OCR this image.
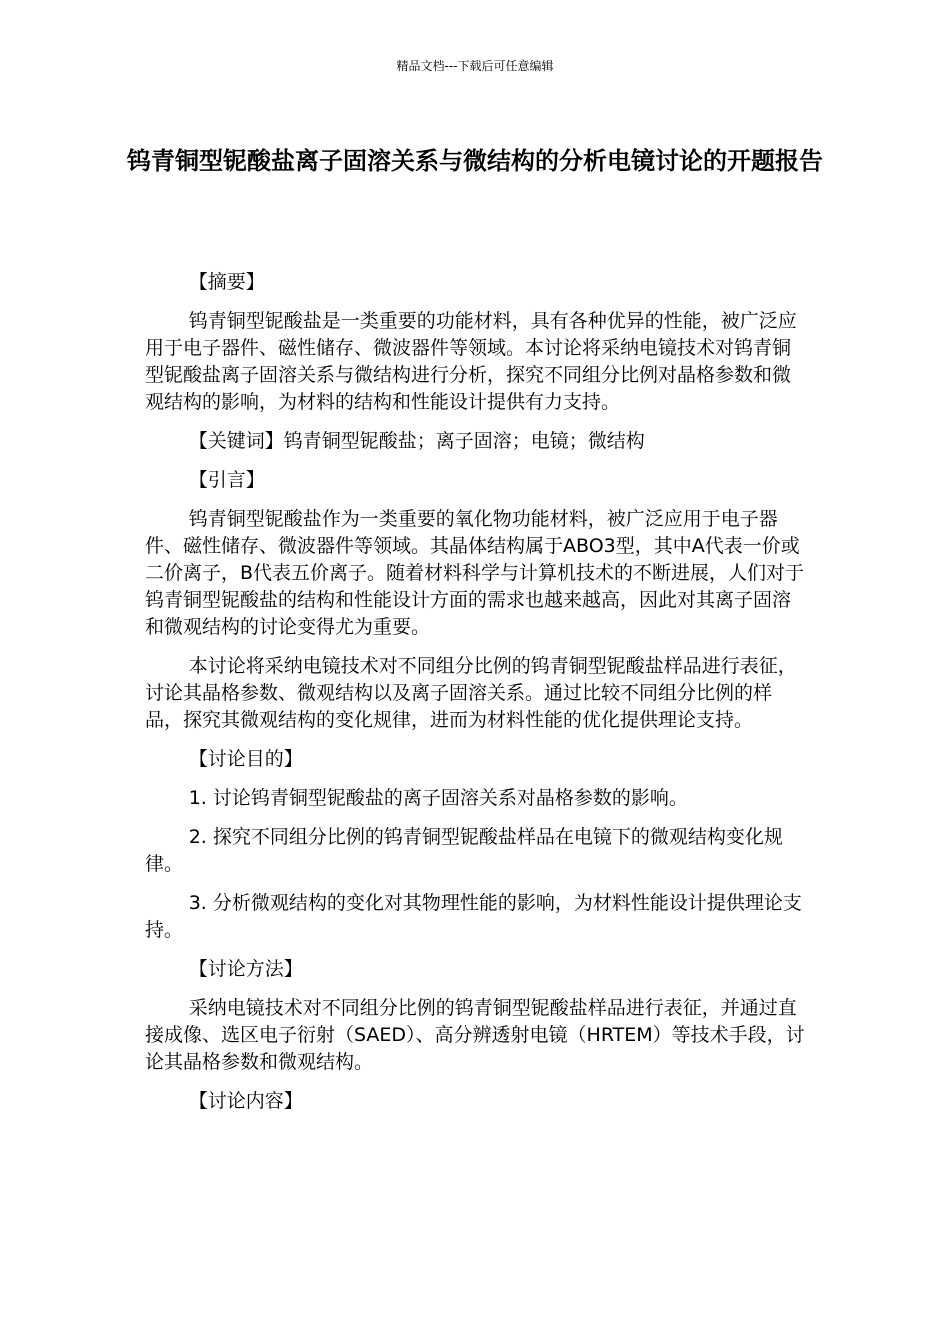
精品文档---下载后可任意编辑
钨青铜型铌酸盐离子固溶关系与微结构的分析电镜讨论的开题报告

【摘要】

钨青铜型铌酸盐是一类重要的功能材料，具有各种优异的性能，被广泛应用于电子器件、磁性储存、微波器件等领域。本讨论将采纳电镜技术对钨青铜型铌酸盐离子固溶关系与微结构进行分析，探究不同组分比例对晶格参数和微观结构的影响，为材料的结构和性能设计提供有力支持。

【关键词】钨青铜型铌酸盐；离子固溶；电镜；微结构

【引言】

钨青铜型铌酸盐作为一类重要的氧化物功能材料，被广泛应用于电子器件、磁性储存、微波器件等领域。其晶体结构属于ABO3型，其中A代表一价或二价离子，B代表五价离子。随着材料科学与计算机技术的不断进展，人们对于钨青铜型铌酸盐的结构和性能设计方面的需求也越来越高，因此对其离子固溶和微观结构的讨论变得尤为重要。

本讨论将采纳电镜技术对不同组分比例的钨青铜型铌酸盐样品进行表征，讨论其晶格参数、微观结构以及离子固溶关系。通过比较不同组分比例的样品，探究其微观结构的变化规律，进而为材料性能的优化提供理论支持。

【讨论目的】

1. 讨论钨青铜型铌酸盐的离子固溶关系对晶格参数的影响。

2. 探究不同组分比例的钨青铜型铌酸盐样品在电镜下的微观结构变化规律。

3. 分析微观结构的变化对其物理性能的影响，为材料性能设计提供理论支持。

【讨论方法】

采纳电镜技术对不同组分比例的钨青铜型铌酸盐样品进行表征，并通过直接成像、选区电子衍射（SAED）、高分辨透射电镜（HRTEM）等技术手段，讨论其晶格参数和微观结构。

【讨论内容】
